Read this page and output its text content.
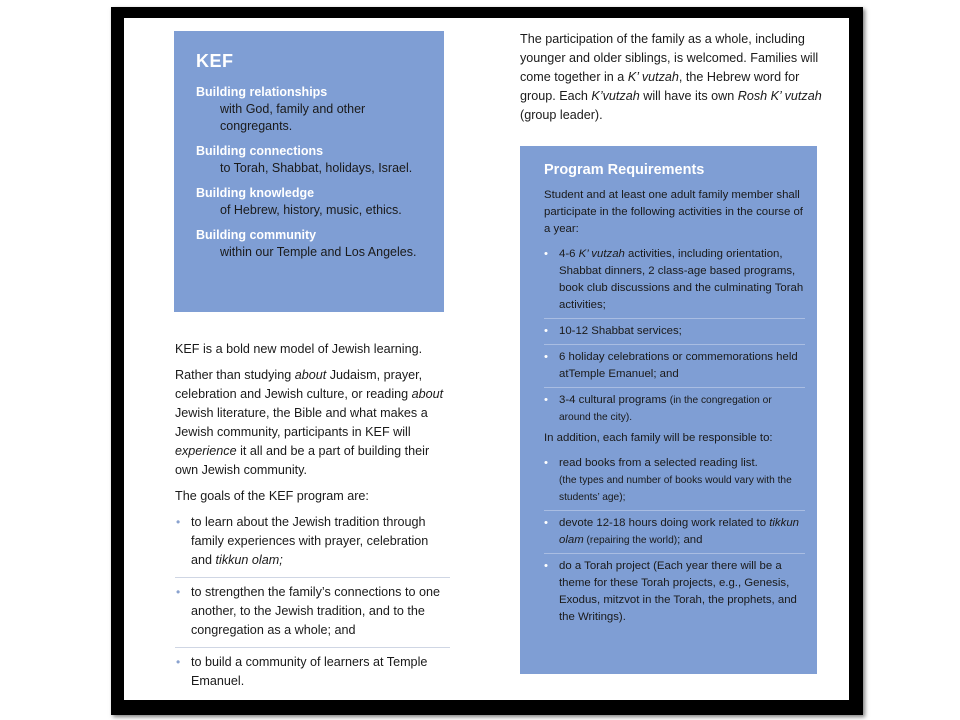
KEF
Building relationships
with God, family and other congregants.
Building connections
to Torah, Shabbat, holidays, Israel.
Building knowledge
of Hebrew, history, music, ethics.
Building community
within our Temple and Los Angeles.

KEF is a bold new model of Jewish learning.

Rather than studying about Judaism, prayer, celebration and Jewish culture, or reading about Jewish literature, the Bible and what makes a Jewish community, participants in KEF will experience it all and be a part of building their own Jewish community.

The goals of the KEF program are:

• to learn about the Jewish tradition through family experiences with prayer, celebration and tikkun olam;
• to strengthen the family’s connections to one another, to the Jewish tradition, and to the congregation as a whole; and
• to build a community of learners at Temple Emanuel.
The participation of the family as a whole, including younger and older siblings, is welcomed. Families will come together in a K’ vutzah, the Hebrew word for group. Each K’vutzah will have its own Rosh K’ vutzah (group leader).
Program Requirements

Student and at least one adult family member shall participate in the following activities in the course of a year:

• 4-6 K’ vutzah activities, including orientation, Shabbat dinners, 2 class-age based programs, book club discussions and the culminating Torah activities;
• 10-12 Shabbat services;
• 6 holiday celebrations or commemorations held atTemple Emanuel; and
• 3-4 cultural programs (in the congregation or around the city).

In addition, each family will be responsible to:

• read books from a selected reading list.
(the types and number of books would vary with the students’ age);
• devote 12-18 hours doing work related to tikkun olam (repairing the world); and
• do a Torah project (Each year there will be a theme for these Torah projects, e.g., Genesis, Exodus, mitzvot in the Torah, the prophets, and the Writings).
